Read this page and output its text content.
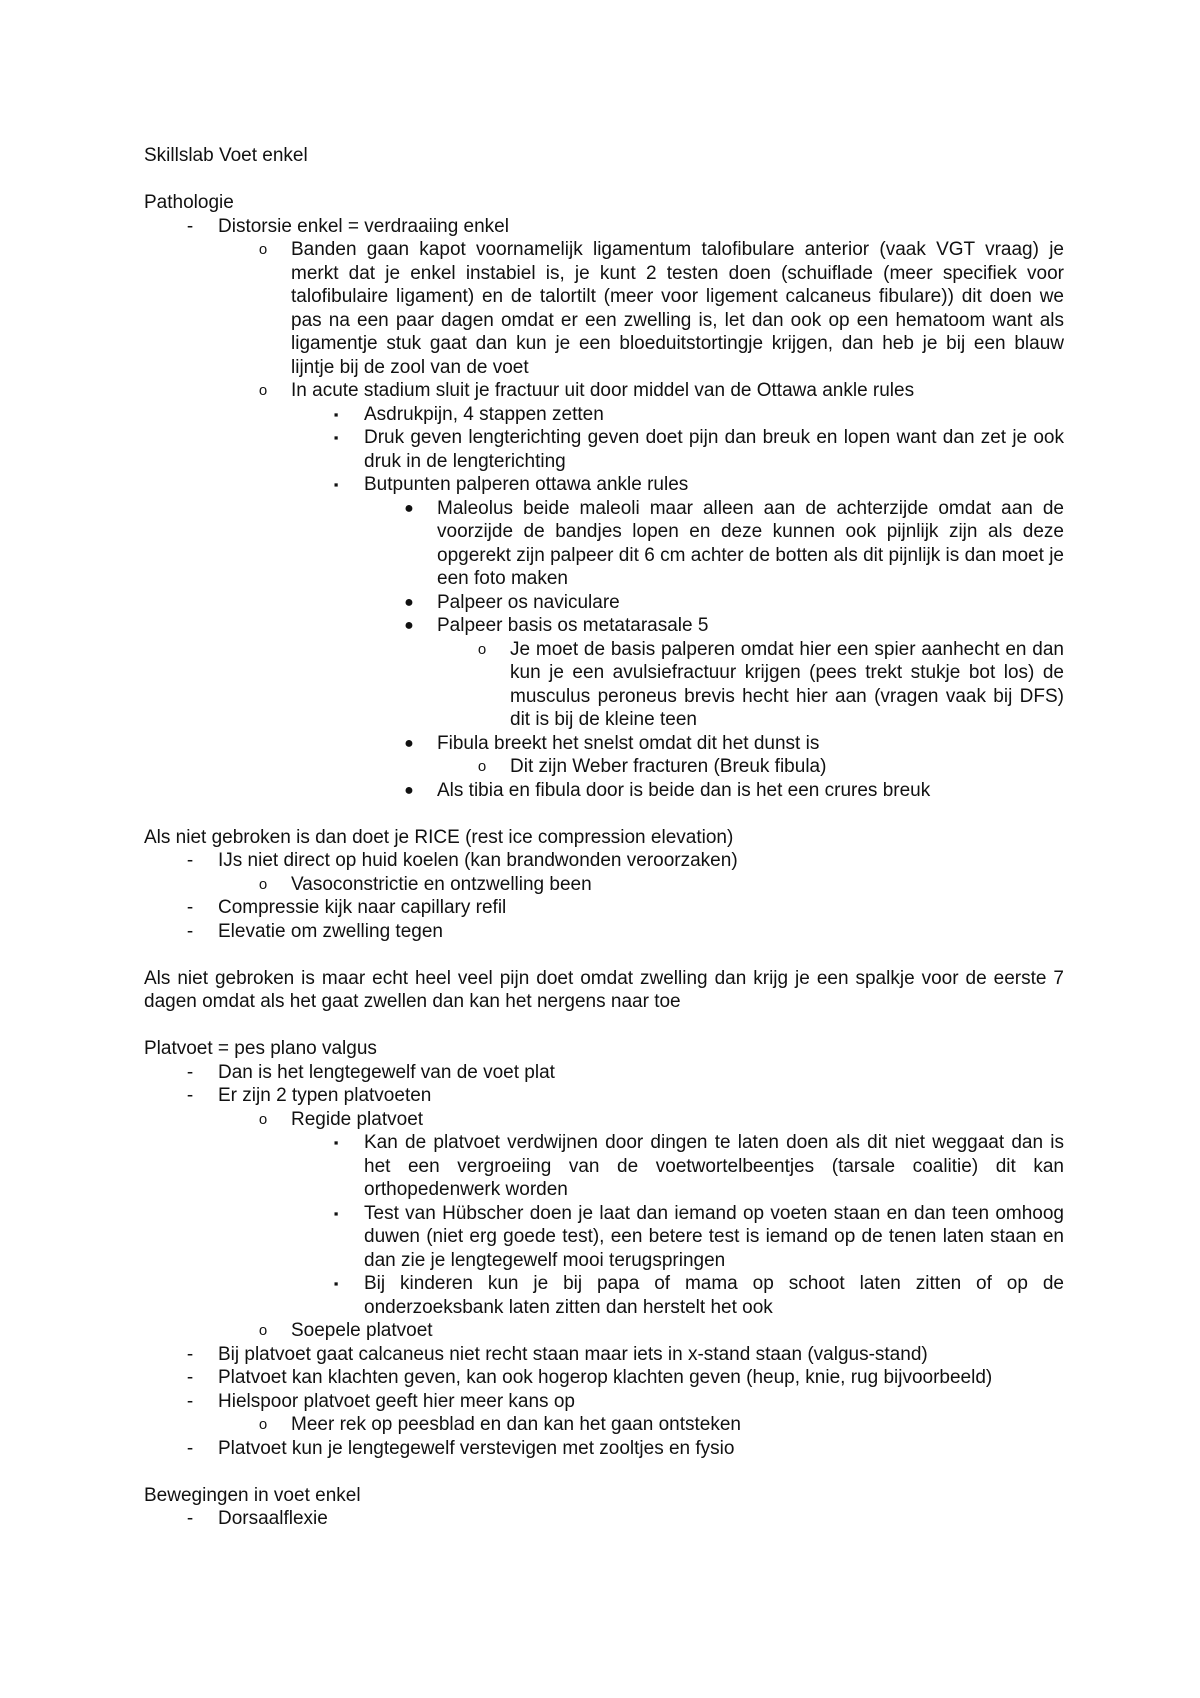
Skillslab Voet enkel

Pathologie

- Distorsie enkel = verdraaiing enkel
o Banden gaan kapot voornamelijk ligamentum talofibulare anterior (vaak VGT vraag) je merkt dat je enkel instabiel is, je kunt 2 testen doen (schuiflade (meer specifiek voor talofibulaire ligament) en de talortilt (meer voor ligement calcaneus fibulare)) dit doen we pas na een paar dagen omdat er een zwelling is, let dan ook op een hematoom want als ligamentje stuk gaat dan kun je een bloeduitstortingje krijgen, dan heb je bij een blauw lijntje bij de zool van de voet
o In acute stadium sluit je fractuur uit door middel van de Ottawa ankle rules
▪	Asdrukpijn, 4 stappen zetten
▪	Druk geven lengterichting geven doet pijn dan breuk en lopen want dan zet je ook druk in de lengterichting
▪	Butpunten palperen ottawa ankle rules
● Maleolus beide maleoli maar alleen aan de achterzijde omdat aan de voorzijde de bandjes lopen en deze kunnen ook pijnlijk zijn als deze opgerekt zijn palpeer dit 6 cm achter de botten als dit pijnlijk is dan moet je een foto maken
● Palpeer os naviculare
● Palpeer basis os metatarasale 5
o Je moet de basis palperen omdat hier een spier aanhecht en dan kun je een avulsiefractuur krijgen (pees trekt stukje bot los) de musculus peroneus brevis hecht hier aan (vragen vaak bij DFS) dit is bij de kleine teen
● Fibula breekt het snelst omdat dit het dunst is
o Dit zijn Weber fracturen (Breuk fibula)
● Als tibia en fibula door is beide dan is het een crures breuk

Als niet gebroken is dan doet je RICE (rest ice compression elevation)

- IJs niet direct op huid koelen (kan brandwonden veroorzaken)
o Vasoconstrictie en ontzwelling been
- Compressie kijk naar capillary refil
- Elevatie om zwelling tegen

Als niet gebroken is maar echt heel veel pijn doet omdat zwelling dan krijg je een spalkje voor de eerste 7 dagen omdat als het gaat zwellen dan kan het nergens naar toe

Platvoet = pes plano valgus

- Dan is het lengtegewelf van de voet plat
- Er zijn 2 typen platvoeten
o Regide platvoet
▪	Kan de platvoet verdwijnen door dingen te laten doen als dit niet weggaat dan is het een vergroeiing van de voetwortelbeentjes (tarsale coalitie) dit kan orthopedenwerk worden
▪	Test van Hübscher doen je laat dan iemand op voeten staan en dan teen omhoog duwen (niet erg goede test), een betere test is iemand op de tenen laten staan en dan zie je lengtegewelf mooi terugspringen
▪	Bij kinderen kun je bij papa of mama op schoot laten zitten of op de onderzoeksbank laten zitten dan herstelt het ook
o Soepele platvoet
- Bij platvoet gaat calcaneus niet recht staan maar iets in x-stand staan (valgus-stand)
- Platvoet kan klachten geven, kan ook hogerop klachten geven (heup, knie, rug bijvoorbeeld)
- Hielspoor platvoet geeft hier meer kans op
o Meer rek op peesblad en dan kan het gaan ontsteken
- Platvoet kun je lengtegewelf verstevigen met zooltjes en fysio

Bewegingen in voet enkel

- Dorsaalflexie
